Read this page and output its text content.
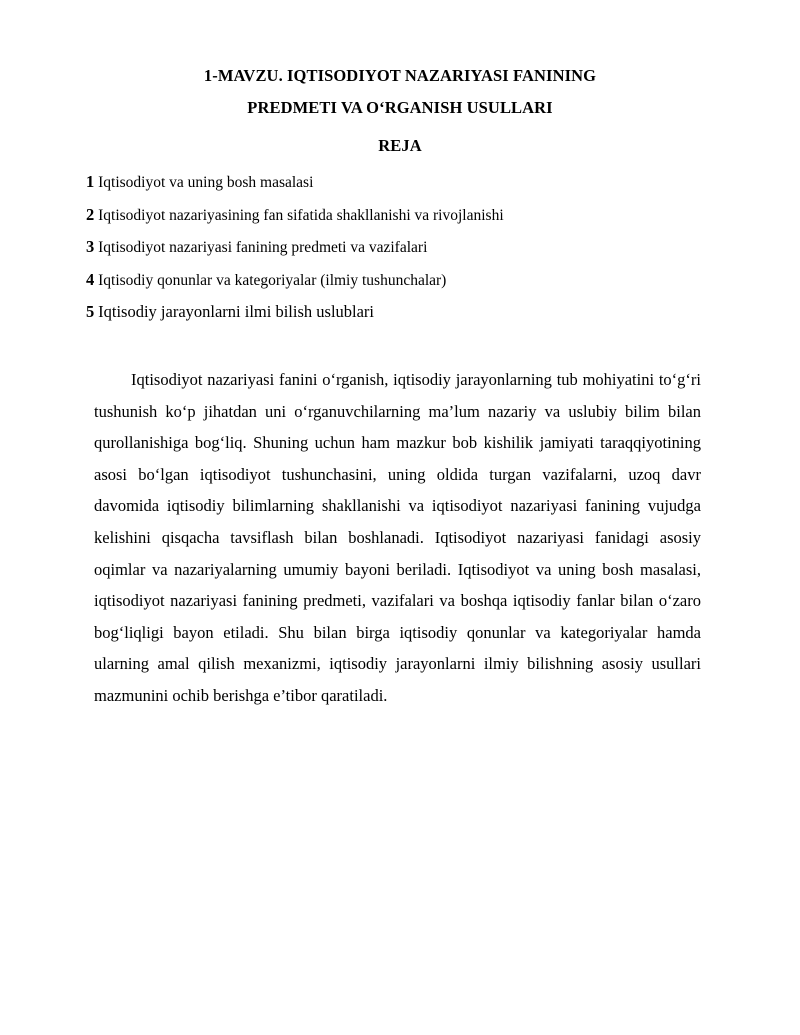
1-MAVZU. IQTISODIYOT NAZARIYASI FANINING
PREDMETI VA O‘RGANISH USULLARI
REJA
1 Iqtisodiyot va uning bosh masalasi
2 Iqtisodiyot nazariyasining fan sifatida shakllanishi va rivojlanishi
3 Iqtisodiyot nazariyasi fanining predmeti va vazifalari
4 Iqtisodiy qonunlar va kategoriyalar (ilmiy tushunchalar)
5 Iqtisodiy jarayonlarni ilmi bilish uslublari

Iqtisodiyot nazariyasi fanini o‘rganish, iqtisodiy jarayonlarning tub mohiyatini to‘g‘ri tushunish ko‘p jihatdan uni o‘rganuvchilarning ma’lum nazariy va uslubiy bilim bilan qurollanishiga bog‘liq. Shuning uchun ham mazkur bob kishilik jamiyati taraqqiyotining asosi bo‘lgan iqtisodiyot tushunchasini, uning oldida turgan vazifalarni, uzoq davr davomida iqtisodiy bilimlarning shakllanishi va iqtisodiyot nazariyasi fanining vujudga kelishini qisqacha tavsiflash bilan boshlanadi. Iqtisodiyot nazariyasi fanidagi asosiy oqimlar va nazariyalarning umumiy bayoni beriladi. Iqtisodiyot va uning bosh masalasi, iqtisodiyot nazariyasi fanining predmeti, vazifalari va boshqa iqtisodiy fanlar bilan o‘zaro bog‘liqligi bayon etiladi. Shu bilan birga iqtisodiy qonunlar va kategoriyalar hamda ularning amal qilish mexanizmi, iqtisodiy jarayonlarni ilmiy bilishning asosiy usullari mazmunini ochib berishga e’tibor qaratiladi.
